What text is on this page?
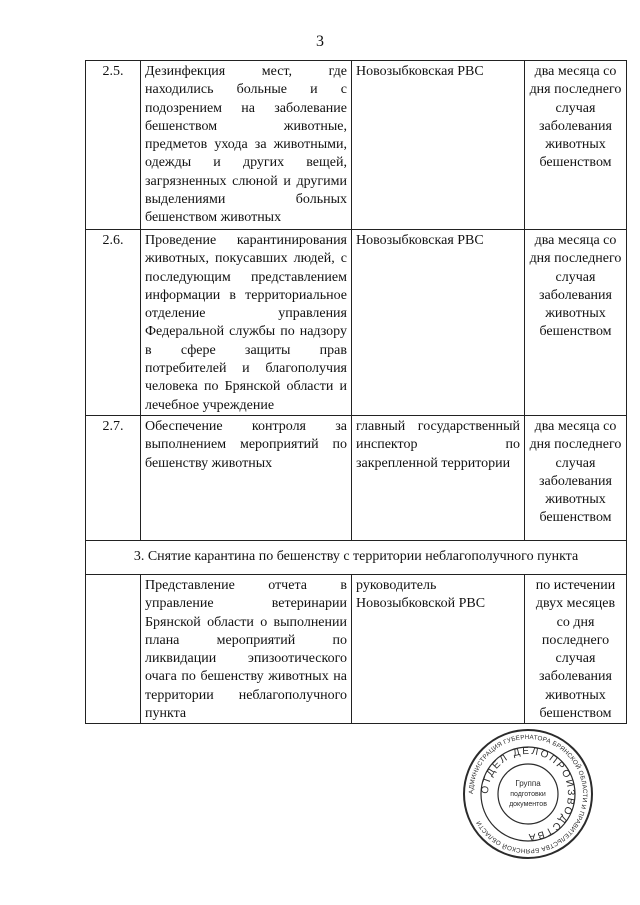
3
2.5.	Дезинфекция мест, где находились больные и с подозрением на заболевание бешенством животные, предметов ухода за животными, одежды и других вещей, загрязненных слюной и другими выделениями больных бешенством животных	Новозыбковская РВС	два месяца со дня последнего случая заболевания животных бешенством
2.6.	Проведение карантинирования животных, покусавших людей, с последующим представлением информации в территориальное отделение управления Федеральной службы по надзору в сфере защиты прав потребителей и благополучия человека по Брянской области и лечебное учреждение	Новозыбковская РВС	два месяца со дня последнего случая заболевания животных бешенством
2.7.	Обеспечение контроля за выполнением мероприятий по бешенству животных	главный государственный инспектор по закрепленной территории	два месяца со дня последнего случая заболевания животных бешенством
3. Снятие карантина по бешенству с территории неблагополучного пункта			
	Представление отчета в управление ветеринарии Брянской области о выполнении плана мероприятий по ликвидации эпизоотического очага по бешенству животных на территории неблагополучного пункта	руководитель Новозыбковской РВС	по истечении двух месяцев со дня последнего случая заболевания животных бешенством
АДМИНИСТРАЦИЯ ГУБЕРНАТОРА БРЯНСКОЙ ОБЛАСТИ И ПРАВИТЕЛЬСТВА БРЯНСКОЙ ОБЛАСТИ
ОТДЕЛ ДЕЛОПРОИЗВОДСТВА
Группа
подготовки
документов
